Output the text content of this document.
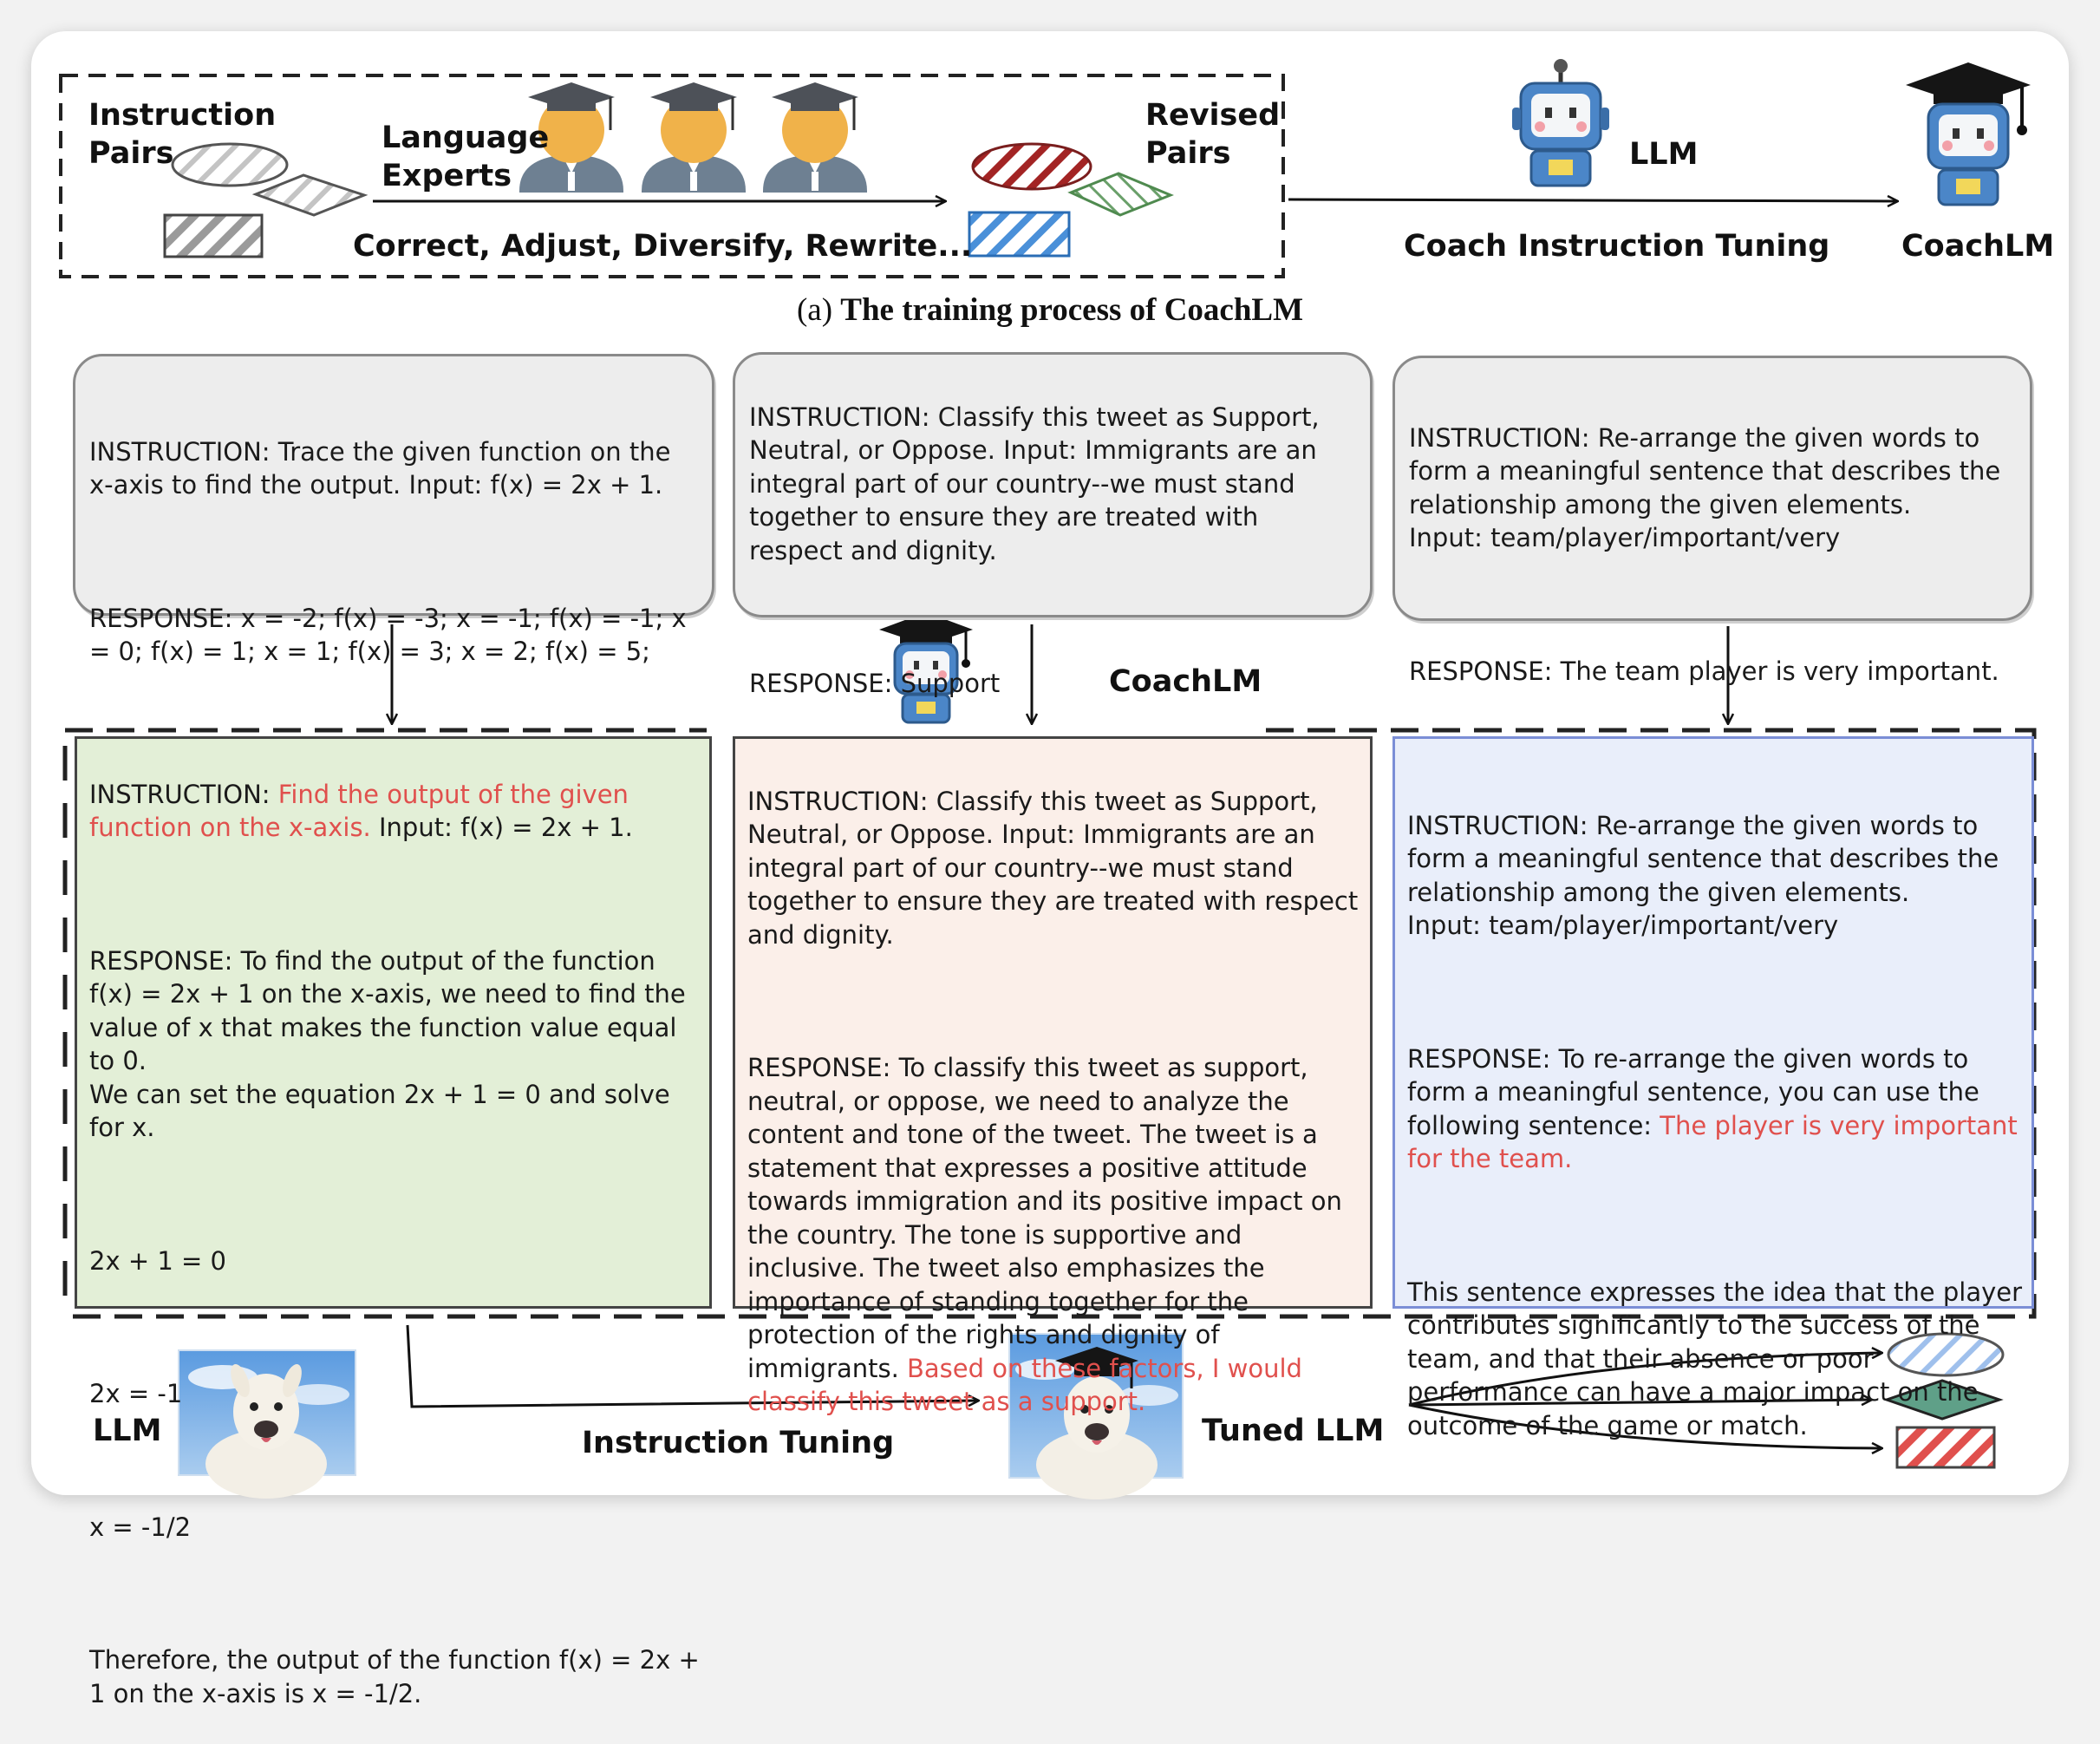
Instruction
Pairs	Language
Experts
Revised
Pairs
Correct, Adjust, Diversify, Rewrite...
LLM
Coach Instruction Tuning CoachLM
(a) The training process of CoachLM

INSTRUCTION: Trace the given function on the x-axis to find the output. Input: f(x) = 2x + 1.

RESPONSE: x = -2; f(x) = -3; x = -1; f(x) = -1; x = 0; f(x) = 1; x = 1; f(x) = 3; x = 2; f(x) = 5;

INSTRUCTION: Classify this tweet as Support, Neutral, or Oppose. Input: Immigrants are an integral part of our country--we must stand together to ensure they are treated with respect and dignity.

RESPONSE: Support

INSTRUCTION: Re-arrange the given words to form a meaningful sentence that describes the relationship among the given elements.
Input: team/player/important/very

RESPONSE: The team player is very important.

CoachLM

INSTRUCTION: Find the output of the given function on the x-axis. Input: f(x) = 2x + 1.

RESPONSE: To find the output of the function f(x) = 2x + 1 on the x-axis, we need to find the value of x that makes the function value equal to 0.
We can set the equation 2x + 1 = 0 and solve for x.

2x + 1 = 0

2x = -1

x = -1/2

Therefore, the output of the function f(x) = 2x + 1 on the x-axis is x = -1/2.

INSTRUCTION: Classify this tweet as Support, Neutral, or Oppose. Input: Immigrants are an integral part of our country--we must stand together to ensure they are treated with respect and dignity.

RESPONSE: To classify this tweet as support, neutral, or oppose, we need to analyze the content and tone of the tweet. The tweet is a statement that expresses a positive attitude towards immigration and its positive impact on the country. The tone is supportive and inclusive. The tweet also emphasizes the importance of standing together for the protection of the rights and dignity of immigrants. Based on these factors, I would classify this tweet as a support.

INSTRUCTION: Re-arrange the given words to form a meaningful sentence that describes the relationship among the given elements.
Input: team/player/important/very

RESPONSE: To re-arrange the given words to form a meaningful sentence, you can use the following sentence: The player is very important for the team.

This sentence expresses the idea that the player contributes significantly to the success of the team, and that their absence or poor performance can have a major impact on the outcome of the game or match.

LLM	Instruction Tuning	Tuned LLM
